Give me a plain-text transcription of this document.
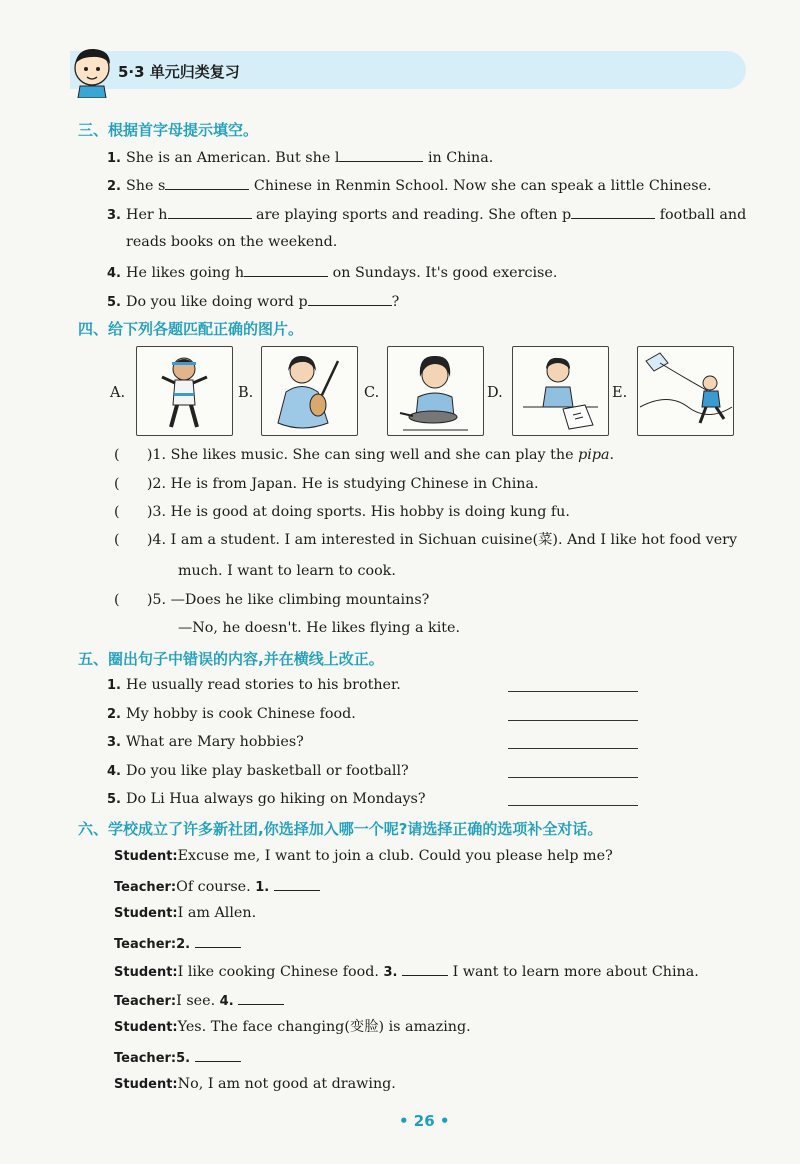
5·3 单元归类复习
三、根据首字母提示填空。
1. She is an American. But she l	in China.
2. She s	Chinese in Renmin School. Now she can speak a little Chinese.
3. Her h	are playing sports and reading. She often p	football and
reads books on the weekend.
4. He likes going h	on Sundays. It's good exercise.
5. Do you like doing word p	?
四、给下列各题匹配正确的图片。
A.	B.	C.	D.	E.
( )1. She likes music. She can sing well and she can play the pipa.
( )2. He is from Japan. He is studying Chinese in China.
( )3. He is good at doing sports. His hobby is doing kung fu.
( )4. I am a student. I am interested in Sichuan cuisine(菜). And I like hot food very
much. I want to learn to cook.
( )5. —Does he like climbing mountains?
—No, he doesn't. He likes flying a kite.
五、圈出句子中错误的内容,并在横线上改正。
1. He usually read stories to his brother.
2. My hobby is cook Chinese food.
3. What are Mary hobbies?
4. Do you like play basketball or football?
5. Do Li Hua always go hiking on Mondays?
六、学校成立了许多新社团,你选择加入哪一个呢?请选择正确的选项补全对话。
Student:Excuse me, I want to join a club. Could you please help me?
Teacher:Of course. 1.
Student:I am Allen.
Teacher:2.
Student:I like cooking Chinese food. 3.	I want to learn more about China.
Teacher:I see. 4.
Student:Yes. The face changing(变脸) is amazing.
Teacher:5.
Student:No, I am not good at drawing.
• 26 •
